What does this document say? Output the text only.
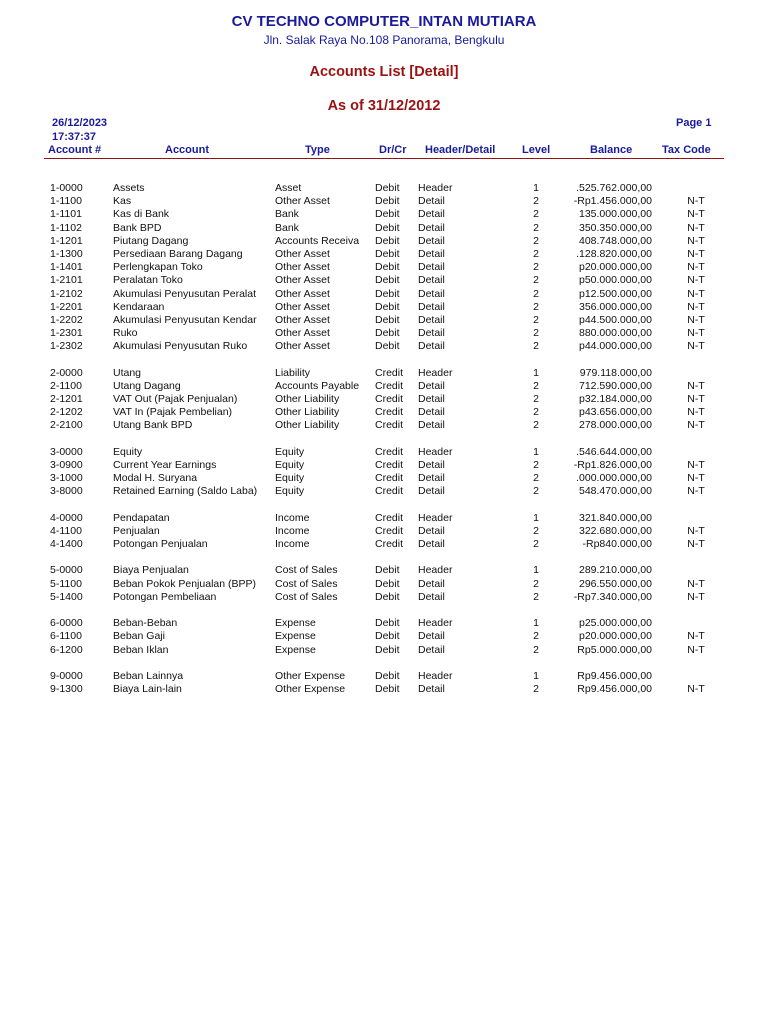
CV TECHNO COMPUTER_INTAN MUTIARA
Jln. Salak Raya No.108 Panorama, Bengkulu
Accounts List [Detail]
As of 31/12/2012
26/12/2023
17:37:37
Page 1
Account #	Account	Type	Dr/Cr Header/Detail Level	Balance	Tax Code
1-0000	Assets	Asset	Debit	Header	1	.525.762.000,00
1-1100	Kas	Other Asset	Debit	Detail	2	-Rp1.456.000,00	N-T
1-1101	Kas di Bank	Bank	Debit	Detail	2	135.000.000,00	N-T
1-1102	Bank BPD	Bank	Debit	Detail	2	350.350.000,00	N-T
1-1201	Piutang Dagang	Accounts Receiva	Debit	Detail	2	408.748.000,00	N-T
1-1300	Persediaan Barang Dagang	Other Asset	Debit	Detail	2	.128.820.000,00	N-T
1-1401	Perlengkapan Toko	Other Asset	Debit	Detail	2	p20.000.000,00	N-T
1-2101	Peralatan Toko	Other Asset	Debit	Detail	2	p50.000.000,00	N-T
1-2102	Akumulasi Penyusutan Peralat	Other Asset	Debit	Detail	2	p12.500.000,00	N-T
1-2201	Kendaraan	Other Asset	Debit	Detail	2	356.000.000,00	N-T
1-2202	Akumulasi Penyusutan Kendar	Other Asset	Debit	Detail	2	p44.500.000,00	N-T
1-2301	Ruko	Other Asset	Debit	Detail	2	880.000.000,00	N-T
1-2302	Akumulasi Penyusutan Ruko	Other Asset	Debit	Detail	2	p44.000.000,00	N-T
2-0000	Utang	Liability	Credit	Header	1	979.118.000,00
2-1100	Utang Dagang	Accounts Payable	Credit	Detail	2	712.590.000,00	N-T
2-1201	VAT Out (Pajak Penjualan)	Other Liability	Credit	Detail	2	p32.184.000,00	N-T
2-1202	VAT In (Pajak Pembelian)	Other Liability	Credit	Detail	2	p43.656.000,00	N-T
2-2100	Utang Bank BPD	Other Liability	Credit	Detail	2	278.000.000,00	N-T
3-0000	Equity	Equity	Credit	Header	1	.546.644.000,00
3-0900	Current Year Earnings	Equity	Credit	Detail	2	-Rp1.826.000,00	N-T
3-1000	Modal H. Suryana	Equity	Credit	Detail	2	.000.000.000,00	N-T
3-8000	Retained Earning (Saldo Laba)	Equity	Credit	Detail	2	548.470.000,00	N-T
4-0000	Pendapatan	Income	Credit	Header	1	321.840.000,00
4-1100	Penjualan	Income	Credit	Detail	2	322.680.000,00	N-T
4-1400	Potongan Penjualan	Income	Credit	Detail	2	-Rp840.000,00	N-T
5-0000	Biaya Penjualan	Cost of Sales	Debit	Header	1	289.210.000,00
5-1100	Beban Pokok Penjualan (BPP)	Cost of Sales	Debit	Detail	2	296.550.000,00	N-T
5-1400	Potongan Pembeliaan	Cost of Sales	Debit	Detail	2	-Rp7.340.000,00	N-T
6-0000	Beban-Beban	Expense	Debit	Header	1	p25.000.000,00
6-1100	Beban Gaji	Expense	Debit	Detail	2	p20.000.000,00	N-T
6-1200	Beban Iklan	Expense	Debit	Detail	2	Rp5.000.000,00	N-T
9-0000	Beban Lainnya	Other Expense	Debit	Header	1	Rp9.456.000,00
9-1300	Biaya Lain-lain	Other Expense	Debit	Detail	2	Rp9.456.000,00	N-T
